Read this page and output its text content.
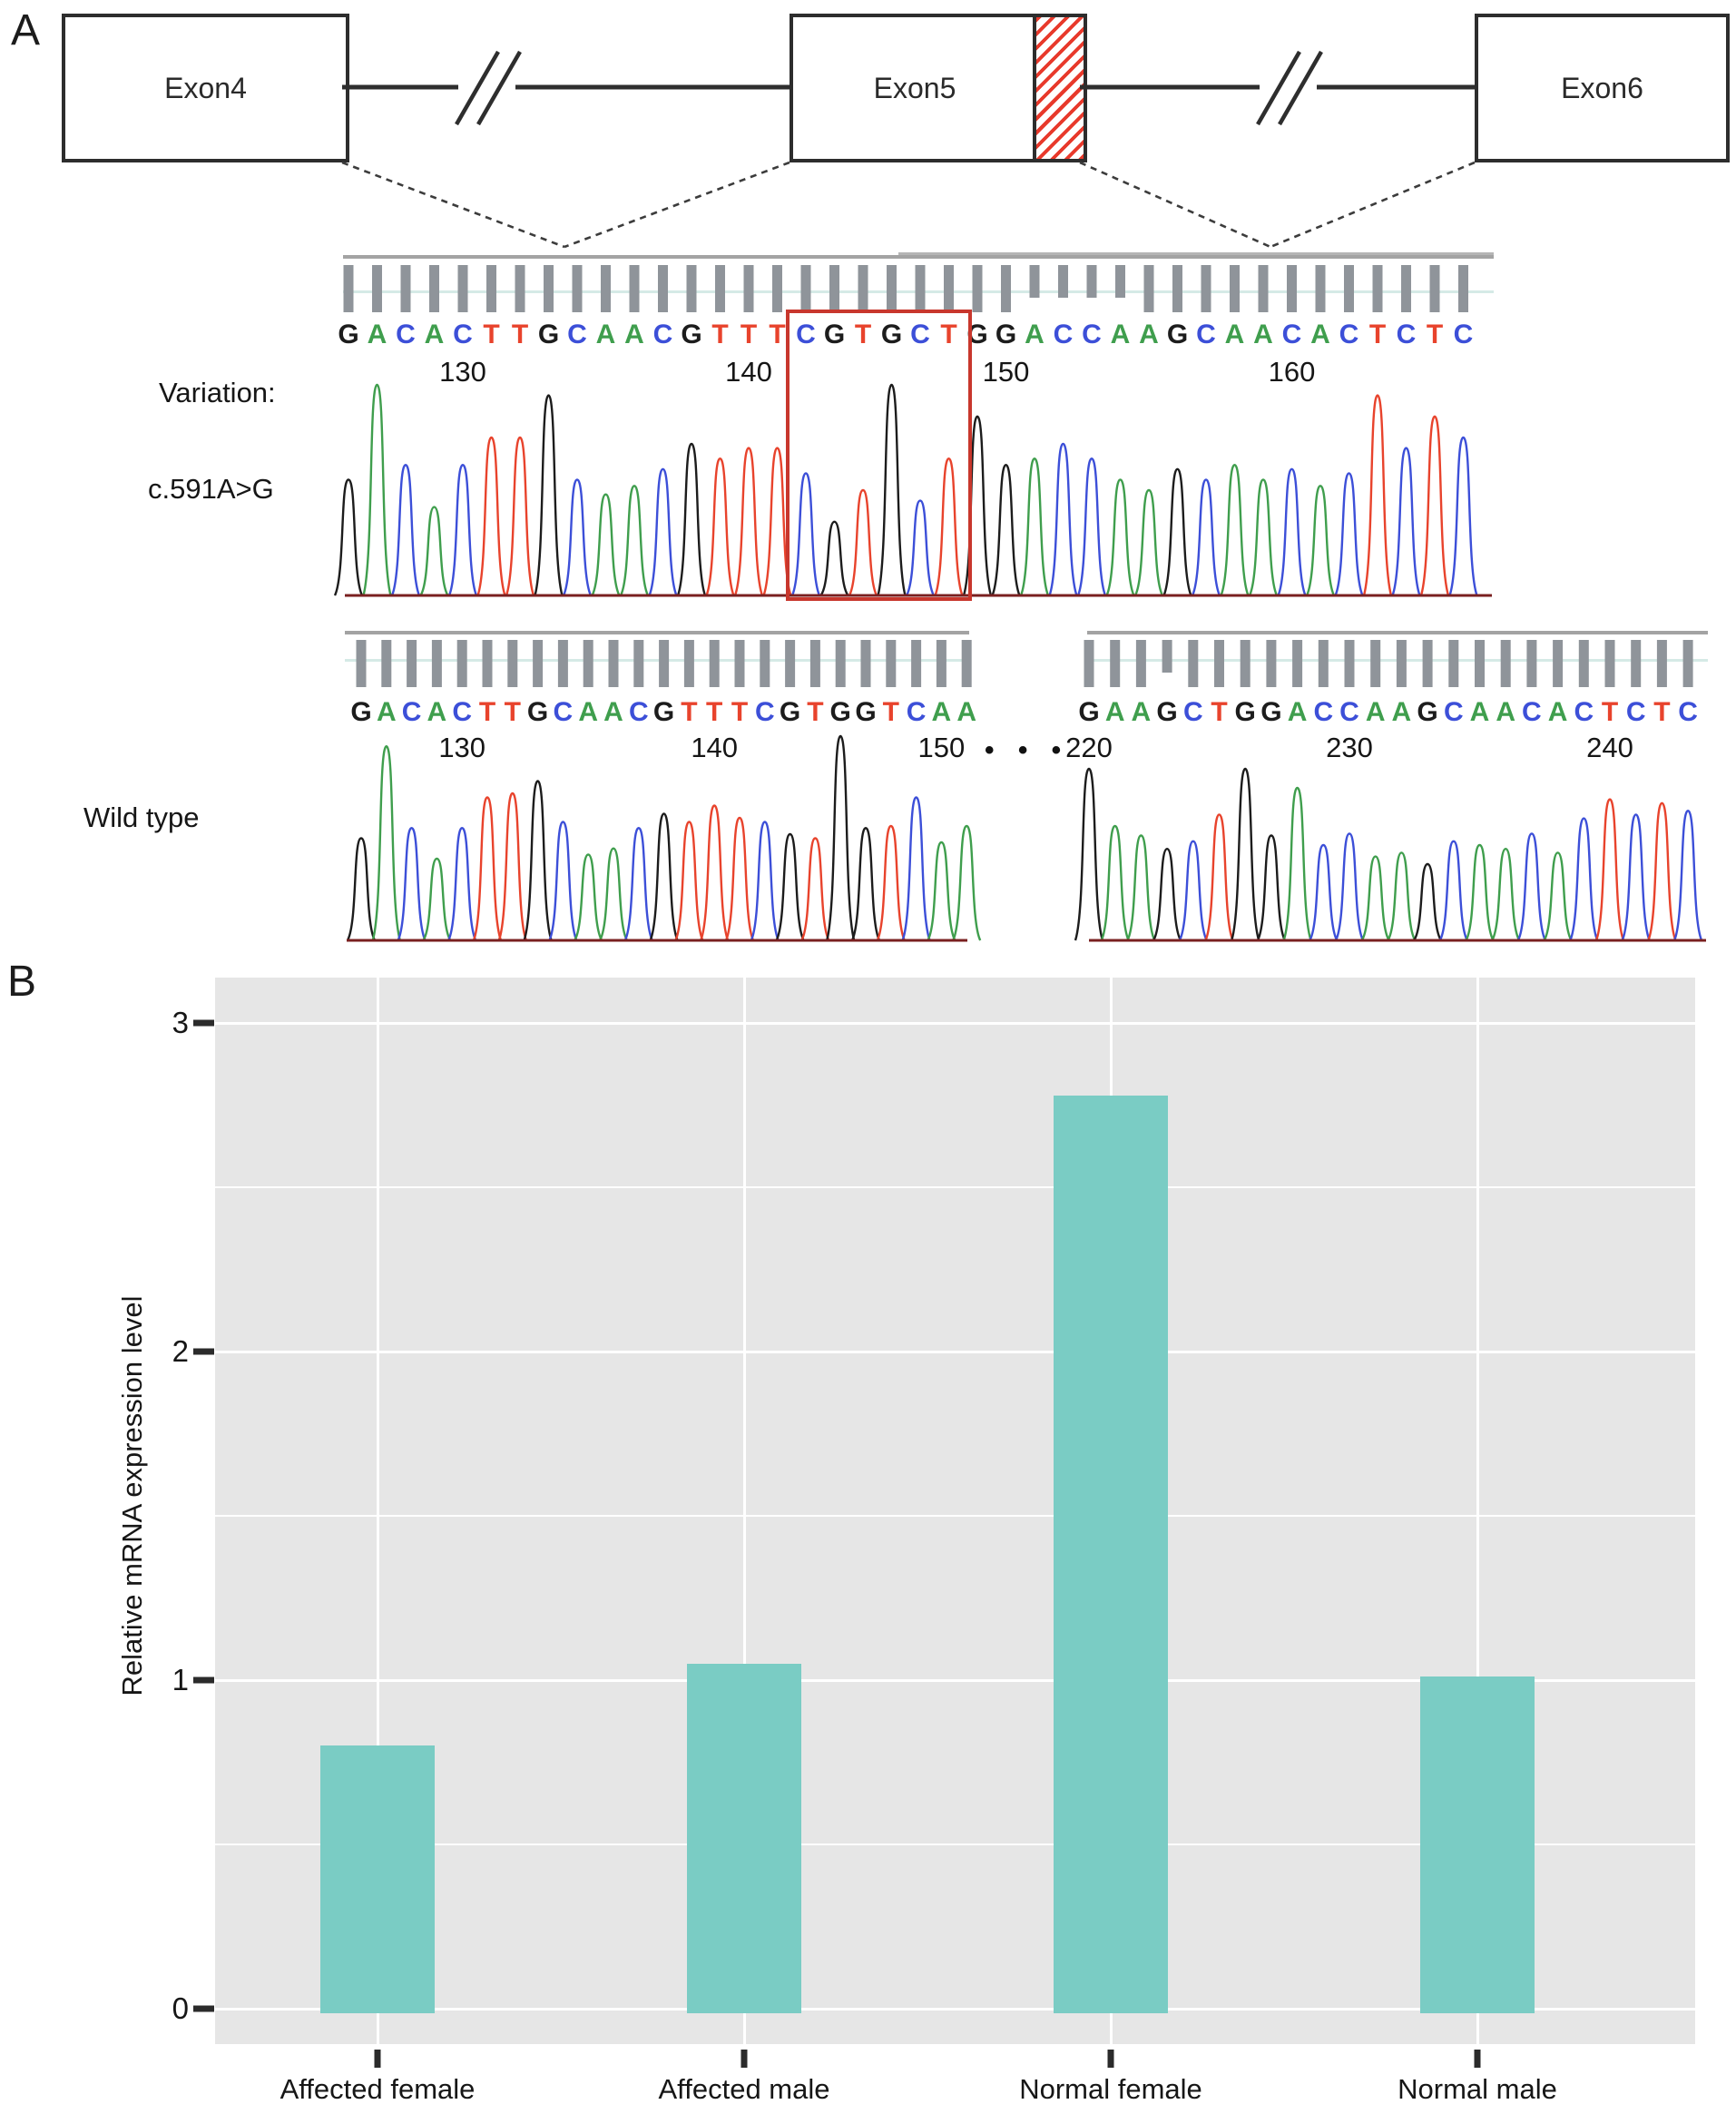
A
Exon4	Exon5	Exon6
G A C A C T T G C A A C G T T T C G T G C T G G A C C A A G C A A C A C T C T C
130	140	150	160
G A C A C T T G C A A C G T T T C G T G G T C A A
130	140	150
G A A G C T G G A C C A A G C A A C A C T C T C
220	230	240
Variation:
c.591A>G
Wild type
• • •
B
0
1
2
3
Affected female	Affected male	Normal female	Normal male
Relative mRNA expression level
